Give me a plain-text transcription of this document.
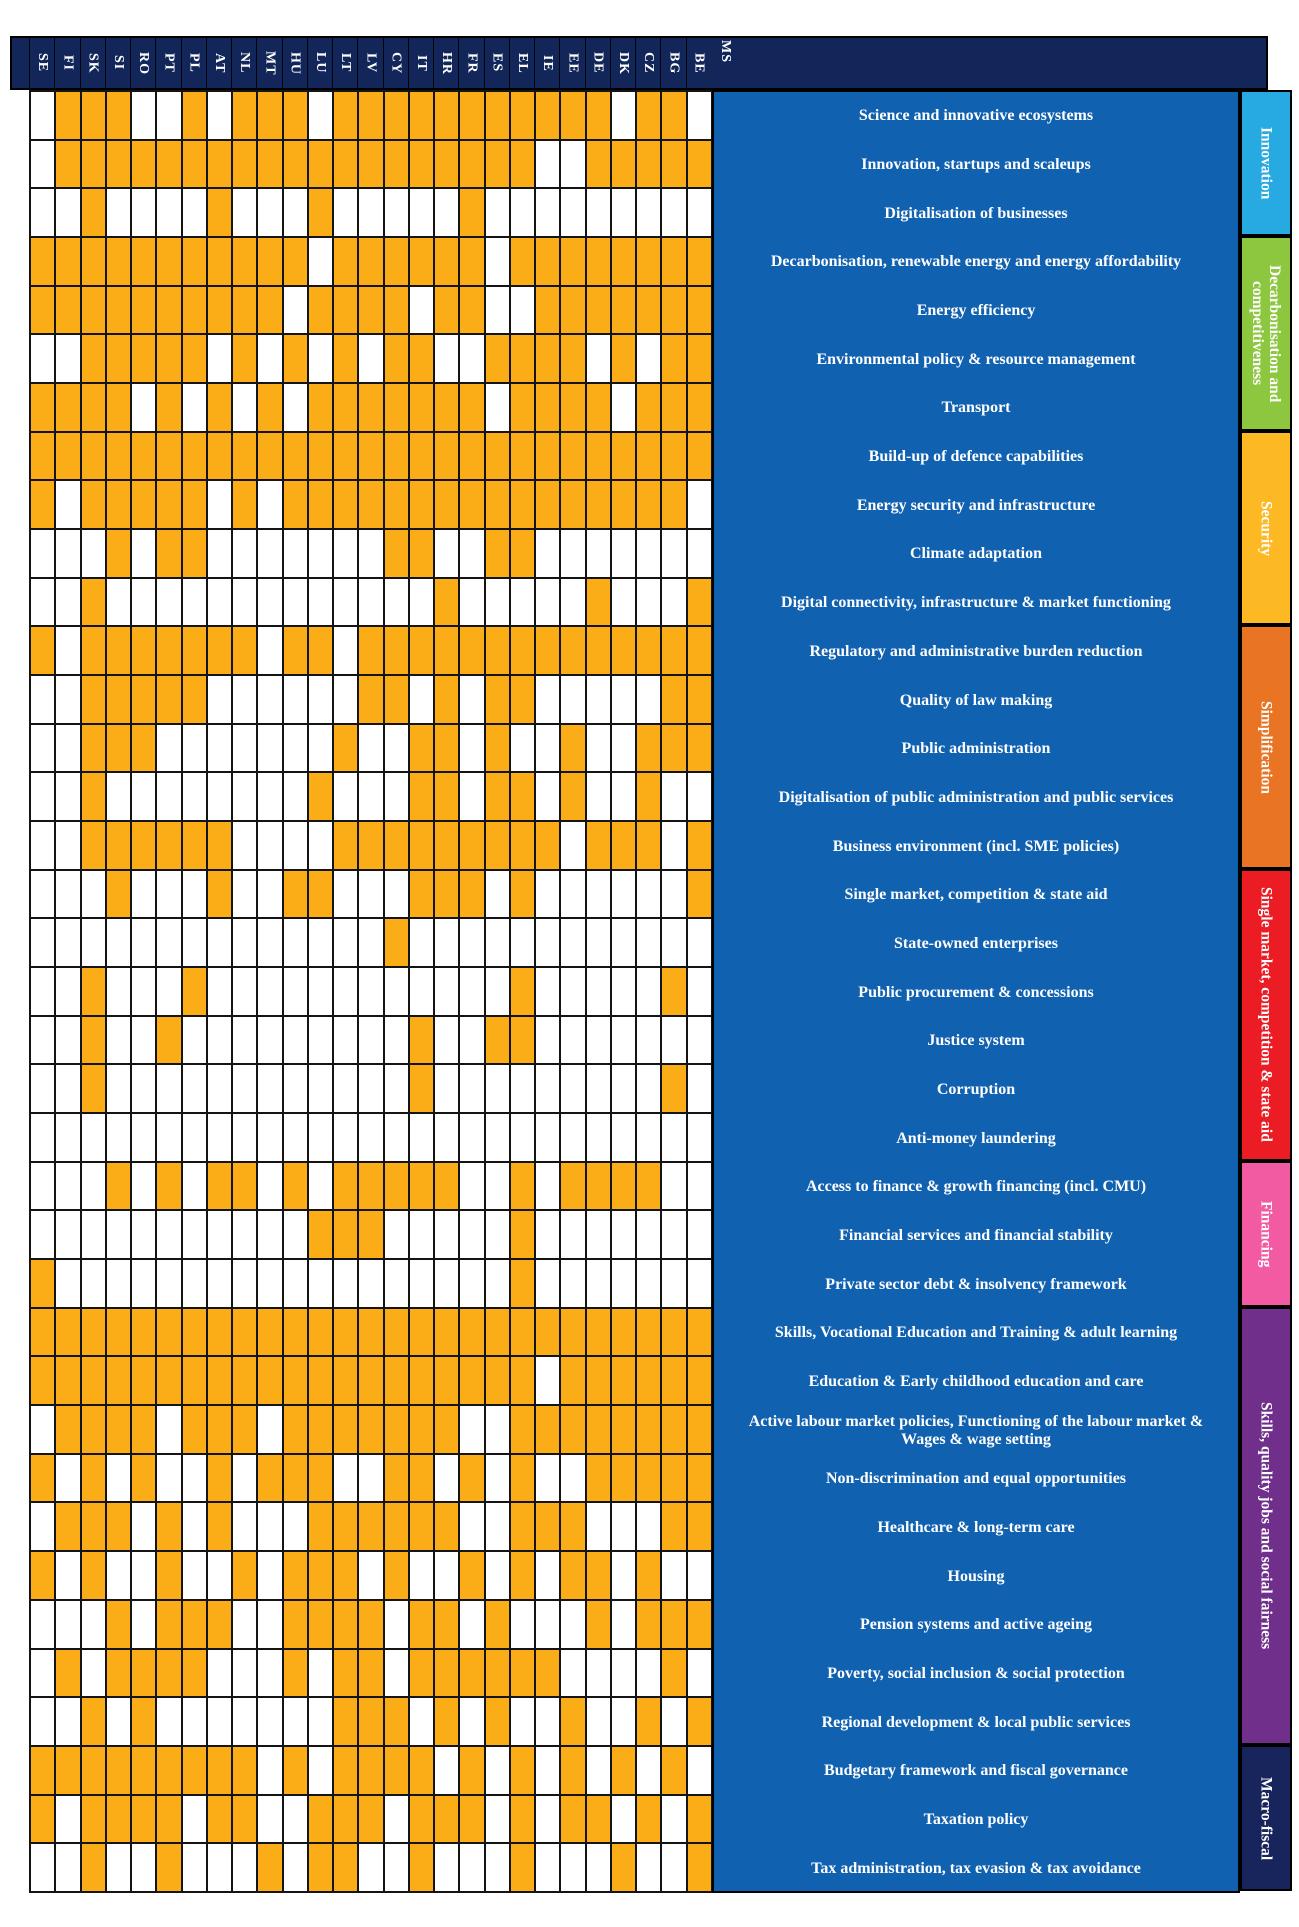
SE FI SK SI RO PT PL AT NL MT HU LU LT LV CY IT HR FR ES EL IE EE DE DK CZ BG BE MS
Science and innovative ecosystems
Innovation, startups and scaleups
Digitalisation of businesses
Decarbonisation, renewable energy and energy affordability
Energy efficiency
Environmental policy & resource management
Transport
Build-up of defence capabilities
Energy security and infrastructure
Climate adaptation
Digital connectivity, infrastructure & market functioning
Regulatory and administrative burden reduction
Quality of law making
Public administration
Digitalisation of public administration and public services
Business environment (incl. SME policies)
Single market, competition & state aid
State-owned enterprises
Public procurement & concessions
Justice system
Corruption
Anti-money laundering
Access to finance & growth financing (incl. CMU)
Financial services and financial stability
Private sector debt & insolvency framework
Skills, Vocational Education and Training & adult learning
Education & Early childhood education and care
Active labour market policies, Functioning of the labour market & Wages & wage setting
Non-discrimination and equal opportunities
Healthcare & long-term care
Housing
Pension systems and active ageing
Poverty, social inclusion & social protection
Regional development & local public services
Budgetary framework and fiscal governance
Taxation policy
Tax administration, tax evasion & tax avoidance
Innovation
Decarbonisation and competitiveness
Security
Simplification
Single market, competition & state aid
Financing
Skills, quality jobs and social fairness
Macro-fiscal
